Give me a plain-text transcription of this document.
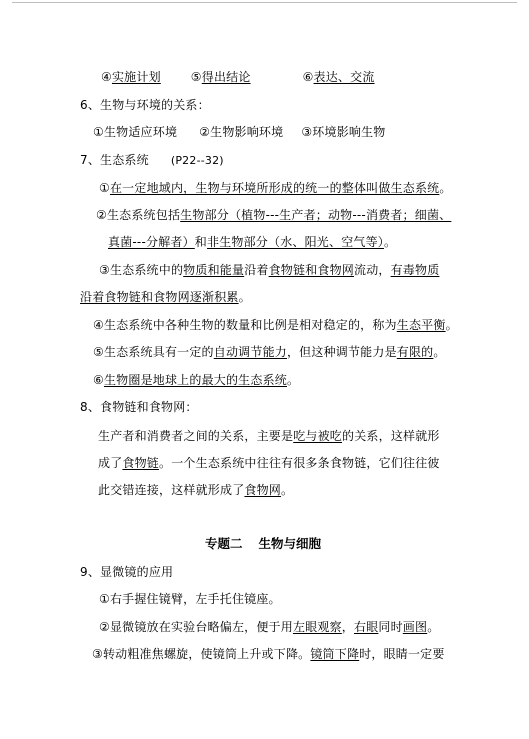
④实施计划	⑤得出结论	⑥表达、交流
6、生物与环境的关系：
①生物适应环境 ②生物影响环境 ③环境影响生物
7、生态系统 (P22--32)
①在一定地域内，生物与环境所形成的统一的整体叫做生态系统。
②生态系统包括生物部分（植物---生产者；动物---消费者；细菌、
真菌---分解者）和非生物部分（水、阳光、空气等）。
③生态系统中的物质和能量沿着食物链和食物网流动，有毒物质
沿着食物链和食物网逐渐积累。
④生态系统中各种生物的数量和比例是相对稳定的，称为生态平衡。
⑤生态系统具有一定的自动调节能力，但这种调节能力是有限的。
⑥生物圈是地球上的最大的生态系统。
8、食物链和食物网：
生产者和消费者之间的关系，主要是吃与被吃的关系，这样就形
成了食物链。一个生态系统中往往有很多条食物链，它们往往彼
此交错连接，这样就形成了食物网。
专题二 生物与细胞
9、显微镜的应用
①右手握住镜臂，左手托住镜座。
②显微镜放在实验台略偏左，便于用左眼观察，右眼同时画图。
③转动粗准焦螺旋，使镜筒上升或下降。镜筒下降时，眼睛一定要
